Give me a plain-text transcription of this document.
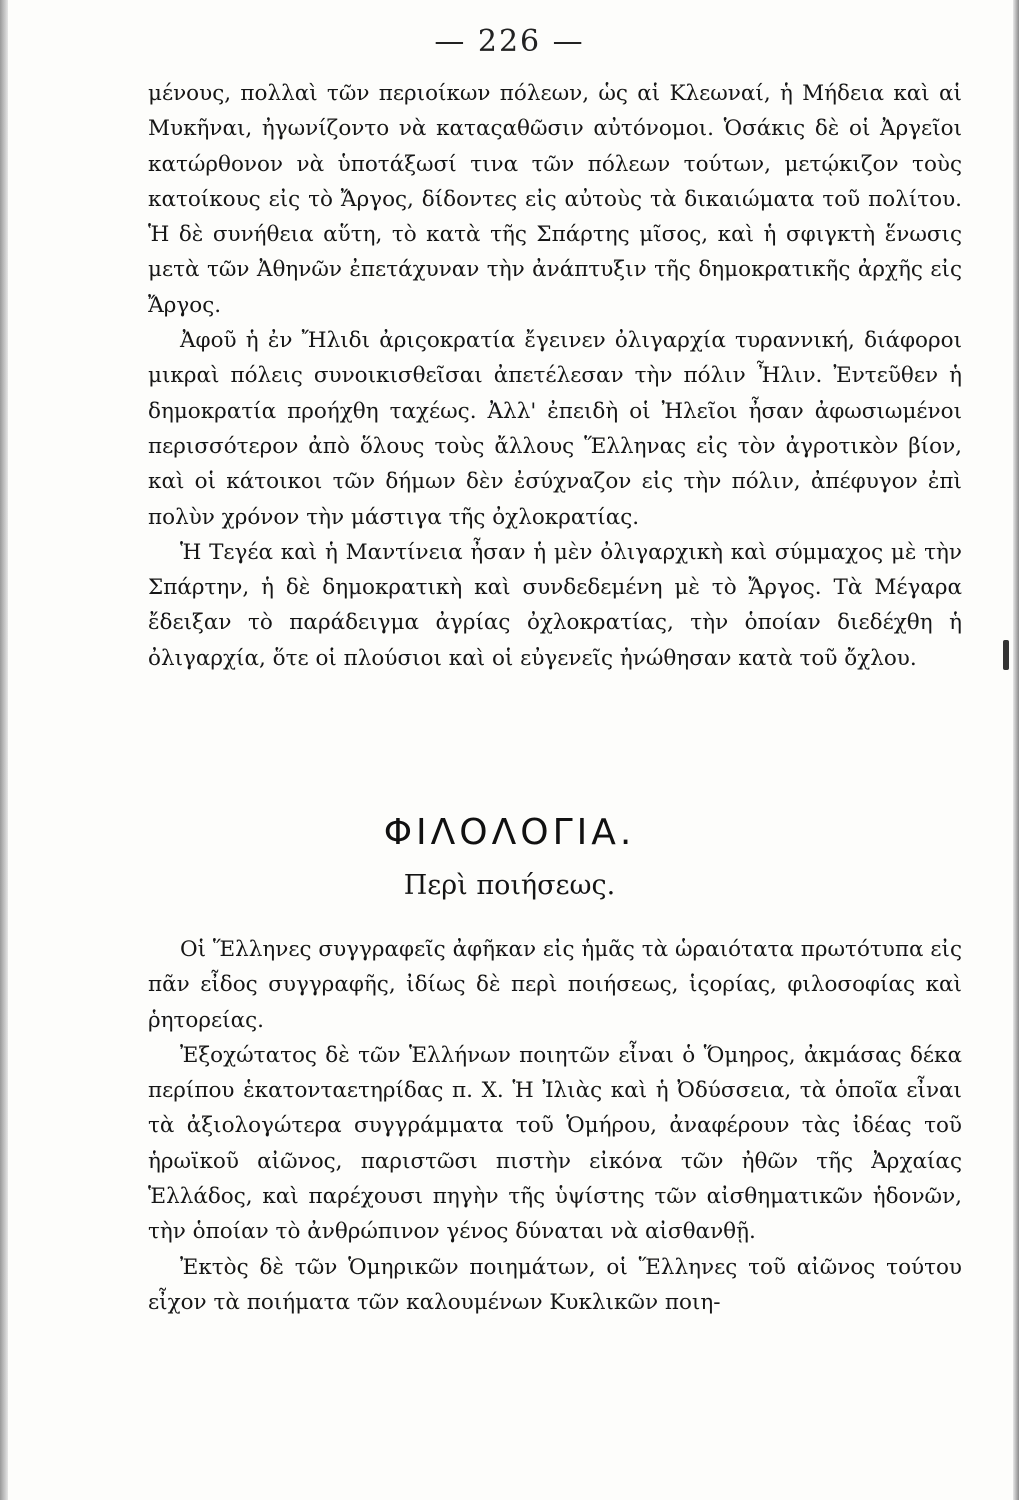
— 226 —

μένους, πολλαὶ τῶν περιοίκων πόλεων, ὡς αἱ Κλεωναί, ἡ Μήδεια καὶ αἱ Μυκῆναι, ἠγωνίζοντο νὰ καταςαθῶσιν αὐτόνομοι. Ὁσάκις δὲ οἱ Ἀργεῖοι κατώρθονον νὰ ὑποτάξωσί τινα τῶν πόλεων τούτων, μετῴκιζον τοὺς κατοίκους εἰς τὸ Ἄργος, δίδοντες εἰς αὐτοὺς τὰ δικαιώματα τοῦ πολίτου. Ἡ δὲ συνήθεια αὕτη, τὸ κατὰ τῆς Σπάρτης μῖσος, καὶ ἡ σφιγκτὴ ἕνωσις μετὰ τῶν Ἀθηνῶν ἐπετάχυναν τὴν ἀνάπτυξιν τῆς δημοκρατικῆς ἀρχῆς εἰς Ἄργος.

Ἀφοῦ ἡ ἐν Ἤλιδι ἀριςοκρατία ἔγεινεν ὀλιγαρχία τυραννική, διάφοροι μικραὶ πόλεις συνοικισθεῖσαι ἀπετέλεσαν τὴν πόλιν Ἦλιν. Ἐντεῦθεν ἡ δημοκρατία προήχθη ταχέως. Ἀλλ' ἐπειδὴ οἱ Ἠλεῖοι ἦσαν ἀφωσιωμένοι περισσότερον ἀπὸ ὅλους τοὺς ἄλλους Ἕλληνας εἰς τὸν ἀγροτικὸν βίον, καὶ οἱ κάτοικοι τῶν δήμων δὲν ἐσύχναζον εἰς τὴν πόλιν, ἀπέφυγον ἐπὶ πολὺν χρόνον τὴν μάστιγα τῆς ὀχλοκρατίας.

Ἡ Τεγέα καὶ ἡ Μαντίνεια ἦσαν ἡ μὲν ὀλιγαρχικὴ καὶ σύμμαχος μὲ τὴν Σπάρτην, ἡ δὲ δημοκρατικὴ καὶ συνδεδεμένη μὲ τὸ Ἄργος. Τὰ Μέγαρα ἔδειξαν τὸ παράδειγμα ἀγρίας ὀχλοκρατίας, τὴν ὁποίαν διεδέχθη ἡ ὀλιγαρχία, ὅτε οἱ πλούσιοι καὶ οἱ εὐγενεῖς ἠνώθησαν κατὰ τοῦ ὄχλου.

ΦΙΛΟΛΟΓΙΑ.
Περὶ ποιήσεως.

Οἱ Ἕλληνες συγγραφεῖς ἀφῆκαν εἰς ἡμᾶς τὰ ὡραιότατα πρωτότυπα εἰς πᾶν εἶδος συγγραφῆς, ἰδίως δὲ περὶ ποιήσεως, ἱςορίας, φιλοσοφίας καὶ ῥητορείας.

Ἐξοχώτατος δὲ τῶν Ἑλλήνων ποιητῶν εἶναι ὁ Ὅμηρος, ἀκμάσας δέκα περίπου ἑκατονταετηρίδας π. Χ. Ἡ Ἰλιὰς καὶ ἡ Ὀδύσσεια, τὰ ὁποῖα εἶναι τὰ ἀξιολογώτερα συγγράμματα τοῦ Ὁμήρου, ἀναφέρουν τὰς ἰδέας τοῦ ἡρωϊκοῦ αἰῶνος, παριστῶσι πιστὴν εἰκόνα τῶν ἠθῶν τῆς Ἀρχαίας Ἑλλάδος, καὶ παρέχουσι πηγὴν τῆς ὑψίστης τῶν αἰσθηματικῶν ἡδονῶν, τὴν ὁποίαν τὸ ἀνθρώπινον γένος δύναται νὰ αἰσθανθῇ.

Ἐκτὸς δὲ τῶν Ὁμηρικῶν ποιημάτων, οἱ Ἕλληνες τοῦ αἰῶνος τούτου εἶχον τὰ ποιήματα τῶν καλουμένων Κυκλικῶν ποιη-
